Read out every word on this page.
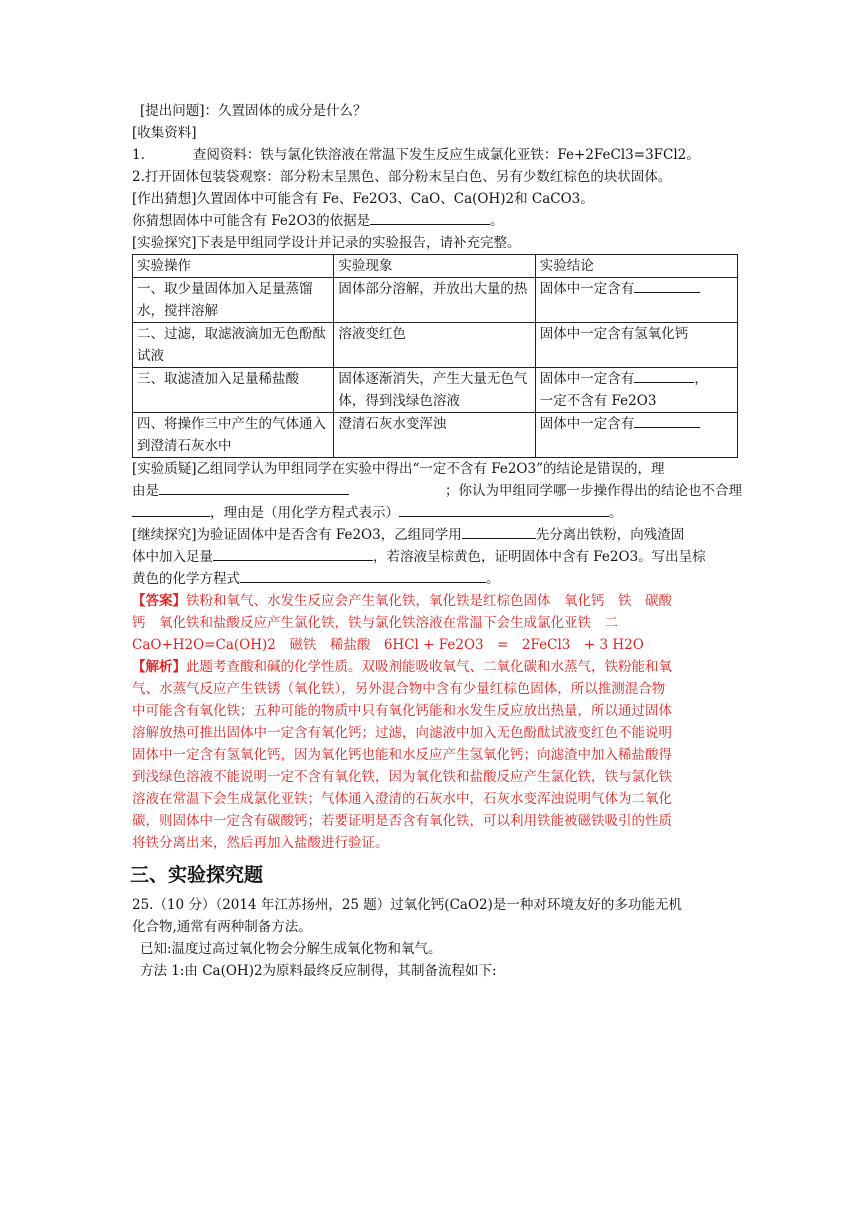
[提出问题]：久置固体的成分是什么？
[收集资料]
1.	查阅资料：铁与氯化铁溶液在常温下发生反应生成氯化亚铁：Fe+2FeCl3=3FCl2。
2.打开固体包装袋观察：部分粉末呈黑色、部分粉末呈白色、另有少数红棕色的块状固体。
[作出猜想]久置固体中可能含有 Fe、Fe2O3、CaO、Ca(OH)2和 CaCO3。
你猜想固体中可能含有 Fe2O3的依据是	。
[实验探究]下表是甲组同学设计并记录的实验报告，请补充完整。
实验操作	实验现象	实验结论
一、取少量固体加入足量蒸馏水，搅拌溶解	固体部分溶解，并放出大量的热	固体中一定含有
二、过滤，取滤液滴加无色酚酞试液	溶液变红色	固体中一定含有氢氧化钙
三、取滤渣加入足量稀盐酸	固体逐渐消失，产生大量无色气体，得到浅绿色溶液	固体中一定含有 ，
一定不含有 Fe2O3
四、将操作三中产生的气体通入到澄清石灰水中	澄清石灰水变浑浊	固体中一定含有
[实验质疑]乙组同学认为甲组同学在实验中得出“一定不含有 Fe2O3”的结论是错误的，理
由是	；你认为甲组同学哪一步操作得出的结论也不合理
，理由是（用化学方程式表示）	。
[继续探究]为验证固体中是否含有 Fe2O3，乙组同学用	先分离出铁粉，向残渣固
体中加入足量	，若溶液呈棕黄色，证明固体中含有 Fe2O3。写出呈棕
黄色的化学方程式	。
【答案】铁粉和氧气、水发生反应会产生氧化铁，氧化铁是红棕色固体　氧化钙　铁　碳酸
钙　氧化铁和盐酸反应产生氯化铁，铁与氯化铁溶液在常温下会生成氯化亚铁　二
CaO+H2O=Ca(OH)2　磁铁　稀盐酸　6HCl + Fe2O3　=　2FeCl3　+ 3 H2O
【解析】此题考查酸和碱的化学性质。双吸剂能吸收氧气、二氧化碳和水蒸气，铁粉能和氧
气、水蒸气反应产生铁锈（氧化铁），另外混合物中含有少量红棕色固体，所以推测混合物
中可能含有氧化铁；五种可能的物质中只有氧化钙能和水发生反应放出热量，所以通过固体
溶解放热可推出固体中一定含有氧化钙；过滤，向滤液中加入无色酚酞试液变红色不能说明
固体中一定含有氢氧化钙，因为氧化钙也能和水反应产生氢氧化钙；向滤渣中加入稀盐酸得
到浅绿色溶液不能说明一定不含有氧化铁，因为氧化铁和盐酸反应产生氯化铁，铁与氯化铁
溶液在常温下会生成氯化亚铁；气体通入澄清的石灰水中，石灰水变浑浊说明气体为二氧化
碳，则固体中一定含有碳酸钙；若要证明是否含有氧化铁，可以利用铁能被磁铁吸引的性质
将铁分离出来，然后再加入盐酸进行验证。
三、实验探究题
25.（10 分）（2014 年江苏扬州，25 题）过氧化钙(CaO2)是一种对环境友好的多功能无机
化合物,通常有两种制备方法。
已知:温度过高过氧化物会分解生成氧化物和氧气。
方法 1:由 Ca(OH)2为原料最终反应制得，其制备流程如下:
